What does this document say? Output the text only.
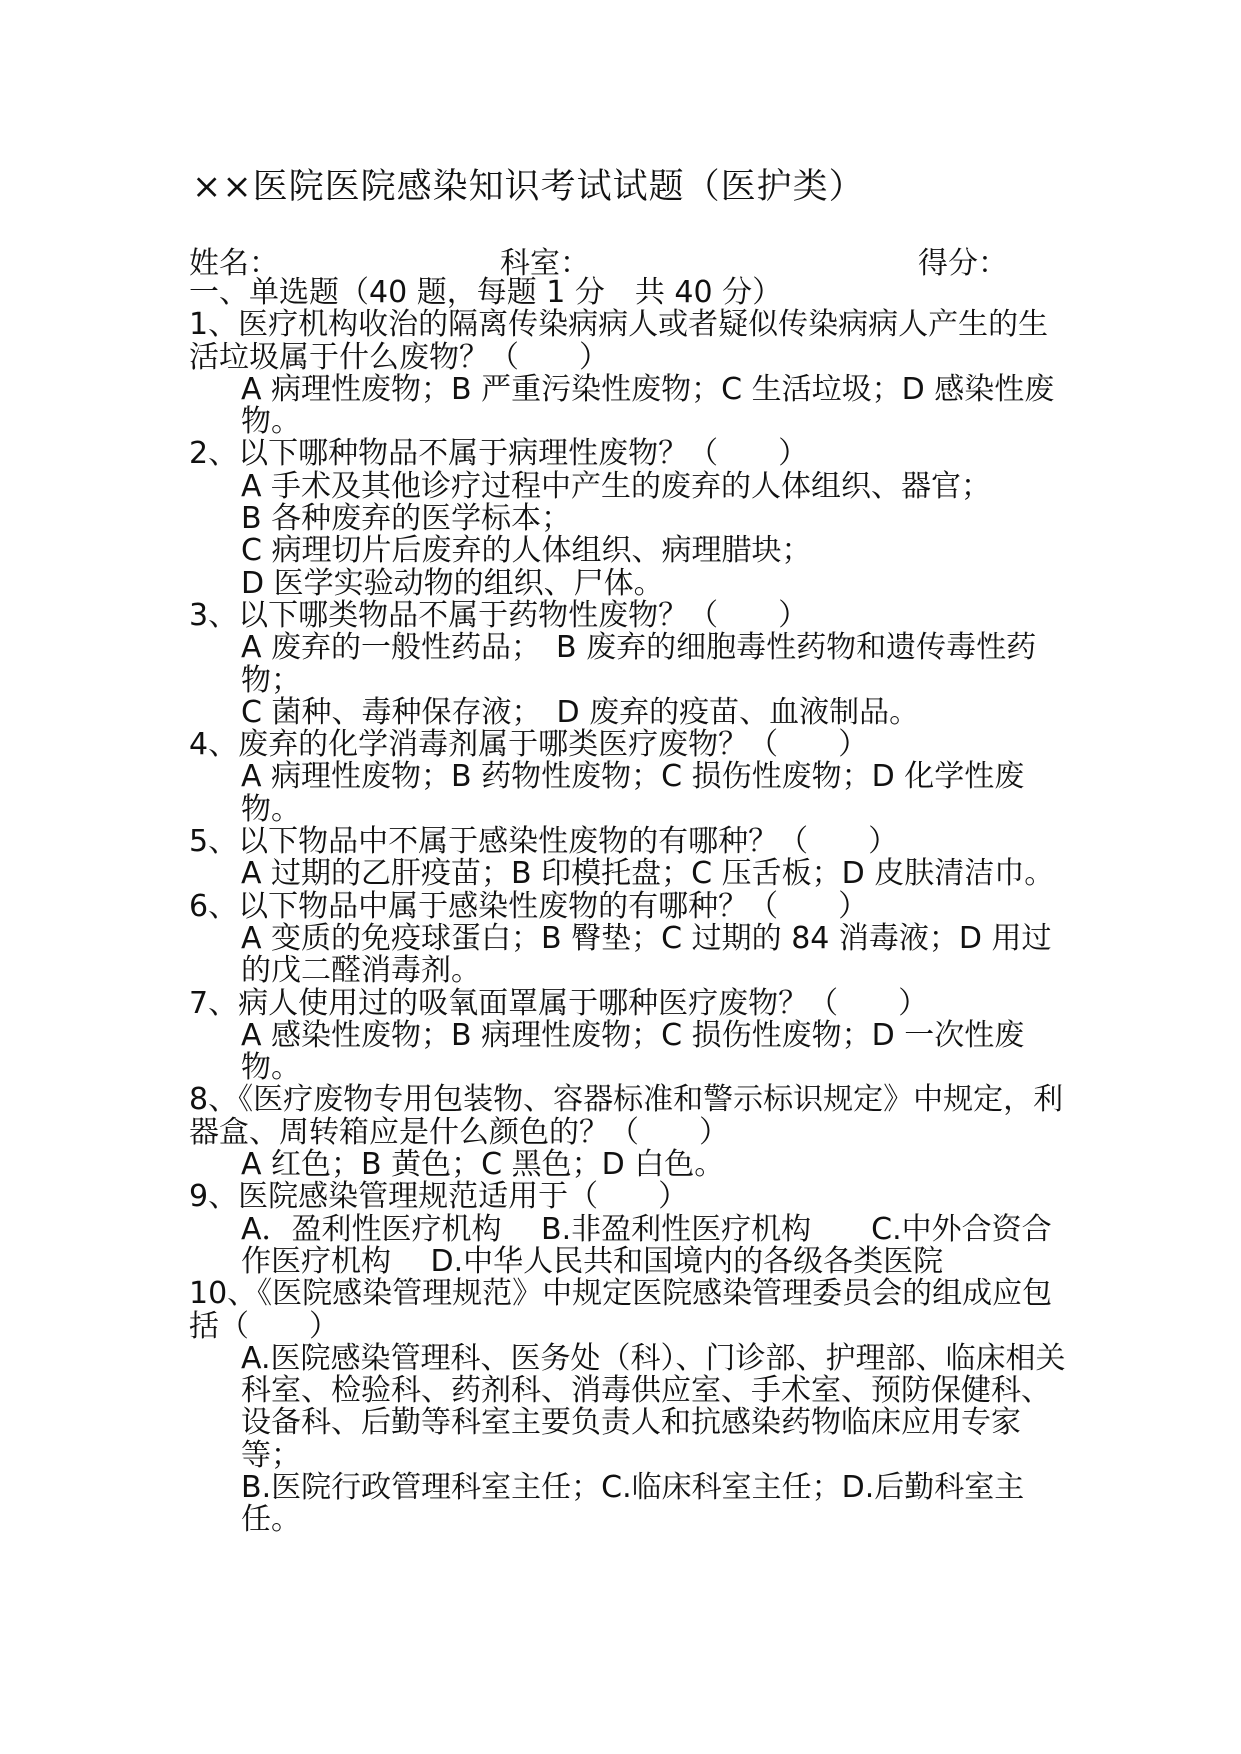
××医院医院感染知识考试试题（医护类）
姓名：	科室：	得分：

一、单选题（40 题，每题 1 分　共 40 分）

1、医疗机构收治的隔离传染病病人或者疑似传染病病人产生的生活垃圾属于什么废物？（　　）

A 病理性废物；B 严重污染性废物；C 生活垃圾；D 感染性废物。

2、以下哪种物品不属于病理性废物？（　　）

A 手术及其他诊疗过程中产生的废弃的人体组织、器官；

B 各种废弃的医学标本；

C 病理切片后废弃的人体组织、病理腊块；

D 医学实验动物的组织、尸体。

3、以下哪类物品不属于药物性废物？（　　）

A 废弃的一般性药品；　B 废弃的细胞毒性药物和遗传毒性药物；

C 菌种、毒种保存液；　D 废弃的疫苗、血液制品。

4、废弃的化学消毒剂属于哪类医疗废物？（　　）

A 病理性废物；B 药物性废物；C 损伤性废物；D 化学性废物。

5、以下物品中不属于感染性废物的有哪种？（　　）

A 过期的乙肝疫苗；B 印模托盘；C 压舌板；D 皮肤清洁巾。

6、以下物品中属于感染性废物的有哪种？（　　）

A 变质的免疫球蛋白；B 臀垫；C 过期的 84 消毒液；D 用过的戊二醛消毒剂。

7、病人使用过的吸氧面罩属于哪种医疗废物？（　　）

A 感染性废物；B 病理性废物；C 损伤性废物；D 一次性废物。

8、《医疗废物专用包装物、容器标准和警示标识规定》中规定，利器盒、周转箱应是什么颜色的？（　　）

A 红色；B 黄色；C 黑色；D 白色。

9、医院感染管理规范适用于（　　）

A．盈利性医疗机构　 B.非盈利性医疗机构　　C.中外合资合作医疗机构　 D.中华人民共和国境内的各级各类医院

10、《医院感染管理规范》中规定医院感染管理委员会的组成应包括（　　）

A.医院感染管理科、医务处（科）、门诊部、护理部、临床相关科室、检验科、药剂科、消毒供应室、手术室、预防保健科、设备科、后勤等科室主要负责人和抗感染药物临床应用专家等；

B.医院行政管理科室主任；C.临床科室主任；D.后勤科室主任。
